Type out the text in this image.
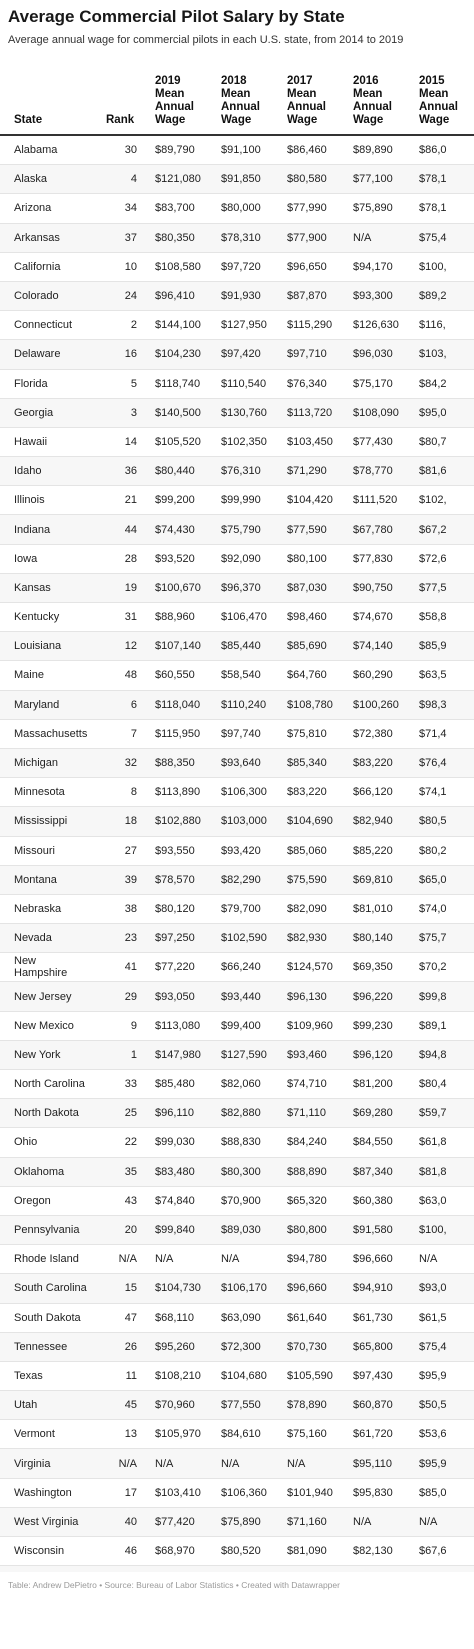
Average Commercial Pilot Salary by State
Average annual wage for commercial pilots in each U.S. state, from 2014 to 2019
State	Rank
2019
Mean
Annual
Wage
2018
Mean
Annual
Wage
2017
Mean
Annual
Wage
2016
Mean
Annual
Wage
2015
Mean
Annual
Wage
Alabama	30 $89,790 $91,100 $86,460 $89,890 $86,0
Alaska	4 $121,080 $91,850 $80,580 $77,100 $78,1
Arizona	34 $83,700 $80,000 $77,990 $75,890 $78,1
Arkansas	37 $80,350 $78,310 $77,900 N/A	$75,4
California	10 $108,580 $97,720 $96,650 $94,170 $100,
Colorado	24 $96,410 $91,930 $87,870 $93,300 $89,2
Connecticut	2 $144,100 $127,950 $115,290 $126,630 $116,
Delaware	16 $104,230 $97,420 $97,710 $96,030 $103,
Florida	5 $118,740 $110,540 $76,340 $75,170 $84,2
Georgia	3 $140,500 $130,760 $113,720 $108,090 $95,0
Hawaii	14 $105,520 $102,350 $103,450 $77,430 $80,7
Idaho	36 $80,440 $76,310 $71,290 $78,770 $81,6
Illinois	21 $99,200 $99,990 $104,420 $111,520 $102,
Indiana	44 $74,430 $75,790 $77,590 $67,780 $67,2
Iowa	28 $93,520 $92,090 $80,100 $77,830 $72,6
Kansas	19 $100,670 $96,370 $87,030 $90,750 $77,5
Kentucky	31 $88,960 $106,470 $98,460 $74,670 $58,8
Louisiana	12 $107,140 $85,440 $85,690 $74,140 $85,9
Maine	48 $60,550 $58,540 $64,760 $60,290 $63,5
Maryland	6 $118,040 $110,240 $108,780 $100,260 $98,3
Massachusetts	7 $115,950 $97,740 $75,810 $72,380 $71,4
Michigan	32 $88,350 $93,640 $85,340 $83,220 $76,4
Minnesota	8 $113,890 $106,300 $83,220 $66,120 $74,1
Mississippi	18 $102,880 $103,000 $104,690 $82,940 $80,5
Missouri	27 $93,550 $93,420 $85,060 $85,220 $80,2
Montana	39 $78,570 $82,290 $75,590 $69,810 $65,0
Nebraska	38 $80,120 $79,700 $82,090 $81,010 $74,0
Nevada	23 $97,250 $102,590 $82,930 $80,140 $75,7
New Hampshire	41 $77,220 $66,240 $124,570 $69,350 $70,2
New Jersey	29 $93,050 $93,440 $96,130 $96,220 $99,8
New Mexico	9 $113,080 $99,400 $109,960 $99,230 $89,1
New York	1 $147,980 $127,590 $93,460 $96,120 $94,8
North Carolina	33 $85,480 $82,060 $74,710 $81,200 $80,4
North Dakota	25 $96,110 $82,880 $71,110 $69,280 $59,7
Ohio	22 $99,030 $88,830 $84,240 $84,550 $61,8
Oklahoma	35 $83,480 $80,300 $88,890 $87,340 $81,8
Oregon	43 $74,840 $70,900 $65,320 $60,380 $63,0
Pennsylvania	20 $99,840 $89,030 $80,800 $91,580 $100,
Rhode Island	N/A N/A	N/A	$94,780 $96,660 N/A
South Carolina	15 $104,730 $106,170 $96,660 $94,910 $93,0
South Dakota	47 $68,110 $63,090 $61,640 $61,730 $61,5
Tennessee	26 $95,260 $72,300 $70,730 $65,800 $75,4
Texas	11 $108,210 $104,680 $105,590 $97,430 $95,9
Utah	45 $70,960 $77,550 $78,890 $60,870 $50,5
Vermont	13 $105,970 $84,610 $75,160 $61,720 $53,6
Virginia	N/A N/A	N/A	N/A	$95,110 $95,9
Washington	17 $103,410 $106,360 $101,940 $95,830 $85,0
West Virginia	40 $77,420 $75,890 $71,160 N/A	N/A
Wisconsin	46 $68,970 $80,520 $81,090 $82,130 $67,6
Table: Andrew DePietro • Source: Bureau of Labor Statistics • Created with Datawrapper
